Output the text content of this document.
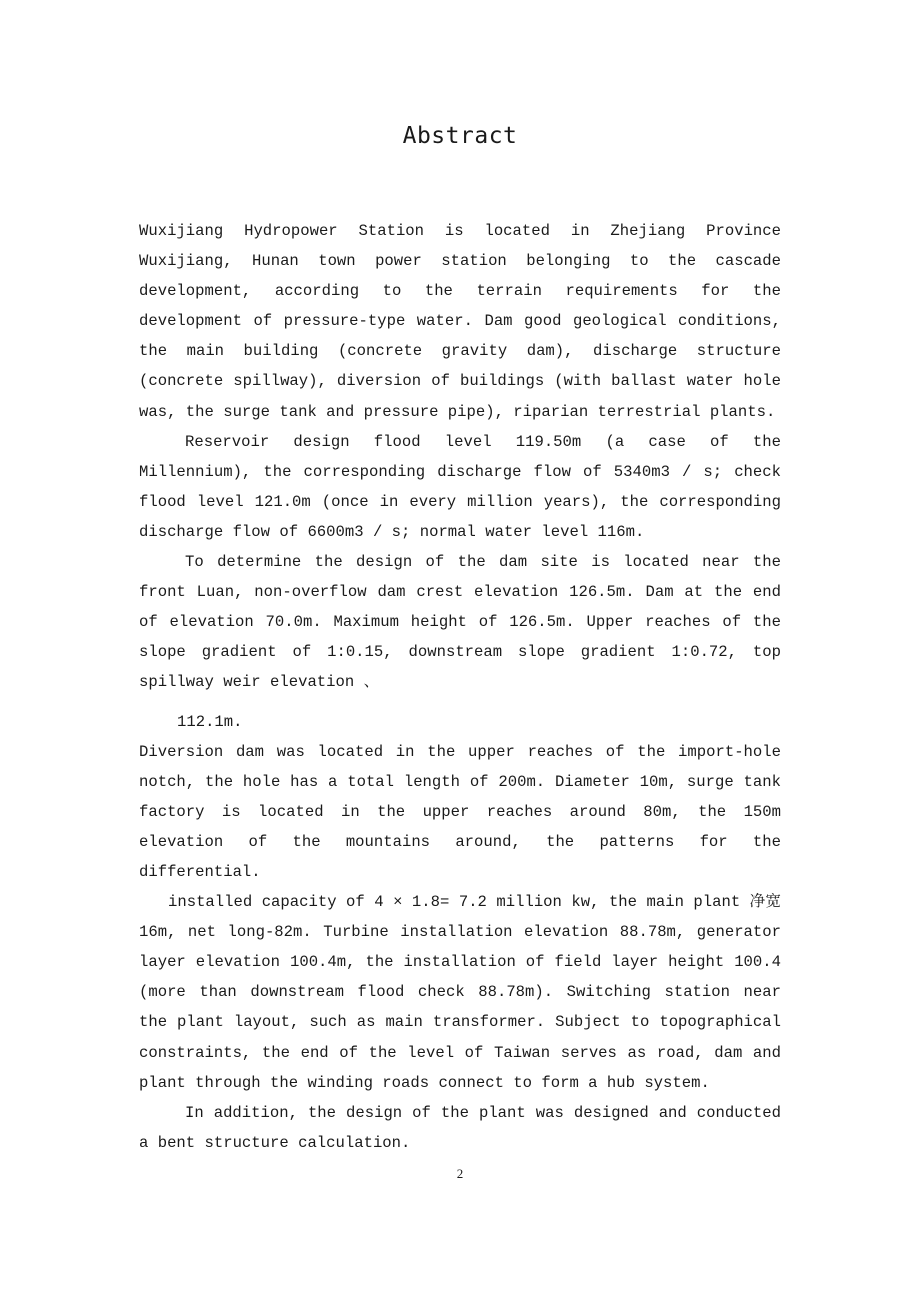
Abstract

Wuxijiang Hydropower Station is located in Zhejiang Province Wuxijiang, Hunan town power station belonging to the cascade development, according to the terrain requirements for the development of pressure-type water. Dam good geological conditions, the main building (concrete gravity dam), discharge structure (concrete spillway), diversion of buildings (with ballast water hole was, the surge tank and pressure pipe), riparian terrestrial plants.

Reservoir design flood level 119.50m (a case of the Millennium), the corresponding discharge flow of 5340m3 / s; check flood level 121.0m (once in every million years), the corresponding discharge flow of 6600m3 / s; normal water level 116m.

To determine the design of the dam site is located near the front Luan, non-overflow dam crest elevation 126.5m. Dam at the end of elevation 70.0m. Maximum height of 126.5m. Upper reaches of the slope gradient of 1:0.15, downstream slope gradient 1:0.72, top spillway weir elevation 、

112.1m.

Diversion dam was located in the upper reaches of the import-hole notch, the hole has a total length of 200m. Diameter 10m, surge tank factory is located in the upper reaches around 80m, the 150m elevation of the mountains around, the patterns for the differential.

installed capacity of 4 × 1.8= 7.2 million kw, the main plant 净宽 16m, net long-82m. Turbine installation elevation 88.78m, generator layer elevation 100.4m, the installation of field layer height 100.4 (more than downstream flood check 88.78m). Switching station near the plant layout, such as main transformer. Subject to topographical constraints, the end of the level of Taiwan serves as road, dam and plant through the winding roads connect to form a hub system.

In addition, the design of the plant was designed and conducted a bent structure calculation.

2
